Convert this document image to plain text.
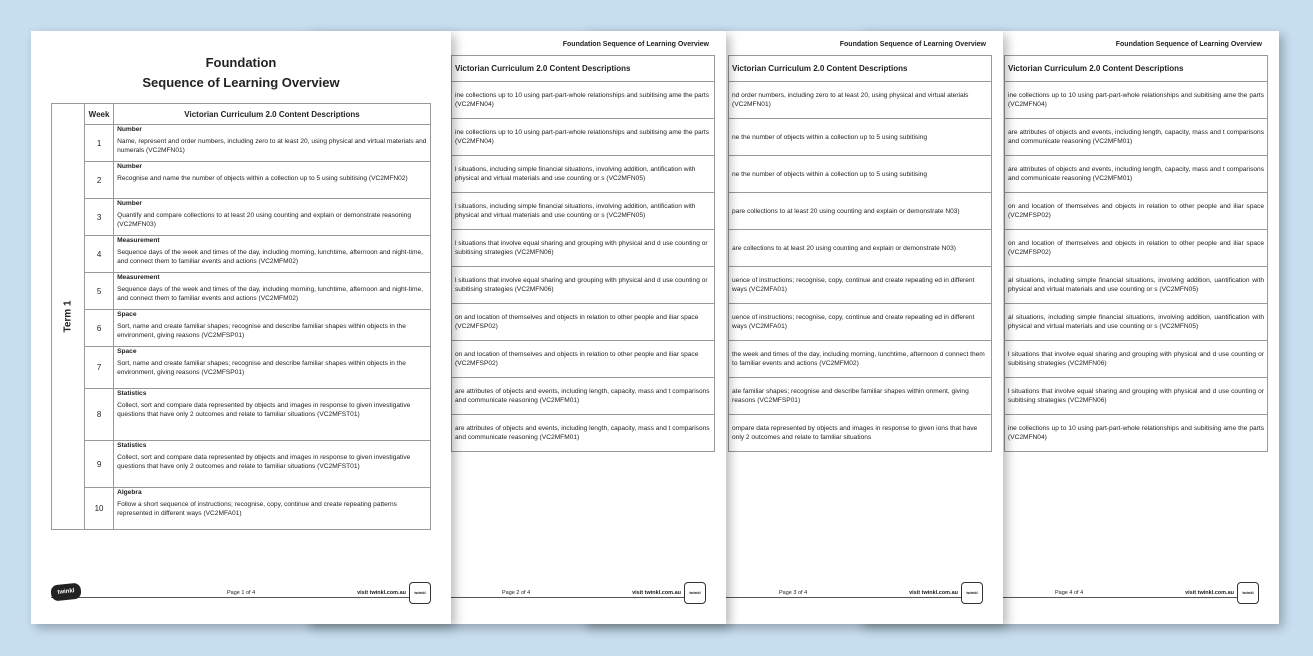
Foundation Sequence of Learning Overview
Victorian Curriculum 2.0 Content Descriptions
ine collections up to 10 using part-part-whole relationships and subitising ame the parts (VC2MFN04)
are attributes of objects and events, including length, capacity, mass and t comparisons and communicate reasoning (VC2MFM01)
are attributes of objects and events, including length, capacity, mass and t comparisons and communicate reasoning (VC2MFM01)
on and location of themselves and objects in relation to other people and iliar space (VC2MFSP02)
on and location of themselves and objects in relation to other people and iliar space (VC2MFSP02)
al situations, including simple financial situations, involving addition, uantification with physical and virtual materials and use counting or s (VC2MFN05)
al situations, including simple financial situations, involving addition, uantification with physical and virtual materials and use counting or s (VC2MFN05)
l situations that involve equal sharing and grouping with physical and d use counting or subitising strategies (VC2MFN06)
l situations that involve equal sharing and grouping with physical and d use counting or subitising strategies (VC2MFN06)
ine collections up to 10 using part-part-whole relationships and subitising ame the parts (VC2MFN04)
Page 4 of 4	visit twinkl.com.au	twinkl
Foundation Sequence of Learning Overview
Victorian Curriculum 2.0 Content Descriptions
nd order numbers, including zero to at least 20, using physical and virtual aterials (VC2MFN01)
ne the number of objects within a collection up to 5 using subitising
ne the number of objects within a collection up to 5 using subitising
pare collections to at least 20 using counting and explain or demonstrate N03)
are collections to at least 20 using counting and explain or demonstrate N03)
uence of instructions; recognise, copy, continue and create repeating ed in different ways (VC2MFA01)
uence of instructions; recognise, copy, continue and create repeating ed in different ways (VC2MFA01)
the week and times of the day, including morning, lunchtime, afternoon d connect them to familiar events and actions (VC2MFM02)
ate familiar shapes; recognise and describe familiar shapes within onment, giving reasons (VC2MFSP01)
ompare data represented by objects and images in response to given ions that have only 2 outcomes and relate to familiar situations
Page 3 of 4	visit twinkl.com.au	twinkl
Foundation Sequence of Learning Overview
Victorian Curriculum 2.0 Content Descriptions
ine collections up to 10 using part-part-whole relationships and subitising ame the parts (VC2MFN04)
ine collections up to 10 using part-part-whole relationships and subitising ame the parts (VC2MFN04)
l situations, including simple financial situations, involving addition, antification with physical and virtual materials and use counting or s (VC2MFN05)
l situations, including simple financial situations, involving addition, antification with physical and virtual materials and use counting or s (VC2MFN05)
l situations that involve equal sharing and grouping with physical and d use counting or subitising strategies (VC2MFN06)
l situations that involve equal sharing and grouping with physical and d use counting or subitising strategies (VC2MFN06)
on and location of themselves and objects in relation to other people and iliar space (VC2MFSP02)
on and location of themselves and objects in relation to other people and iliar space (VC2MFSP02)
are attributes of objects and events, including length, capacity, mass and t comparisons and communicate reasoning (VC2MFM01)
are attributes of objects and events, including length, capacity, mass and t comparisons and communicate reasoning (VC2MFM01)
Page 2 of 4	visit twinkl.com.au	twinkl
Foundation
Sequence of Learning Overview
Term 1	Week	Victorian Curriculum 2.0 Content Descriptions
	1	Number
Name, represent and order numbers, including zero to at least 20, using physical and virtual materials and numerals (VC2MFN01)

	2	Number
Recognise and name the number of objects within a collection up to 5 using subitising (VC2MFN02)

	3	Number
Quantify and compare collections to at least 20 using counting and explain or demonstrate reasoning (VC2MFN03)

	4	Measurement
Sequence days of the week and times of the day, including morning, lunchtime, afternoon and night-time, and connect them to familiar events and actions (VC2MFM02)

	5	Measurement
Sequence days of the week and times of the day, including morning, lunchtime, afternoon and night-time, and connect them to familiar events and actions (VC2MFM02)

	6	Space
Sort, name and create familiar shapes; recognise and describe familiar shapes within objects in the environment, giving reasons (VC2MFSP01)

	7	Space
Sort, name and create familiar shapes; recognise and describe familiar shapes within objects in the environment, giving reasons (VC2MFSP01)

	8	Statistics
Collect, sort and compare data represented by objects and images in response to given investigative questions that have only 2 outcomes and relate to familiar situations (VC2MFST01)

	9	Statistics
Collect, sort and compare data represented by objects and images in response to given investigative questions that have only 2 outcomes and relate to familiar situations (VC2MFST01)

	10	Algebra
Follow a short sequence of instructions; recognise, copy, continue and create repeating patterns represented in different ways (VC2MFA01)
twinkl	Page 1 of 4	visit twinkl.com.au	twinkl
